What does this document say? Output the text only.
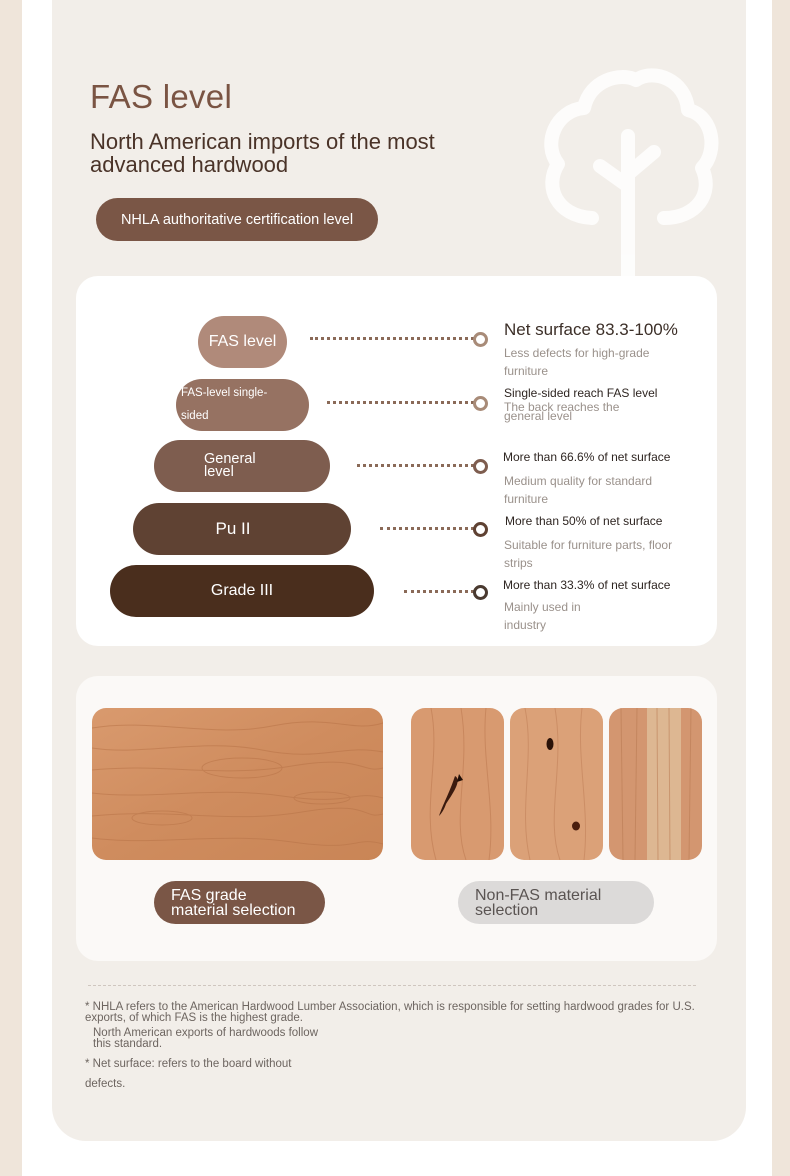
FAS level
North American imports of the most advanced hardwood
NHLA authoritative certification level
FAS level
Net surface 83.3-100%
Less defects for high-grade furniture
FAS-level single-sided
Single-sided reach FAS level
The back reaches the general level
General level
More than 66.6% of net surface
Medium quality for standard furniture
Pu II	More than 50% of net surface
Suitable for furniture parts, floor strips
Grade III	More than 33.3% of net surface
Mainly used in industry
FAS grade
material selection
Non-FAS material
selection
* NHLA refers to the American Hardwood Lumber Association, which is responsible for setting hardwood grades for U.S.
exports, of which FAS is the highest grade.
North American exports of hardwoods follow
this standard.
* Net surface: refers to the board without
defects.
